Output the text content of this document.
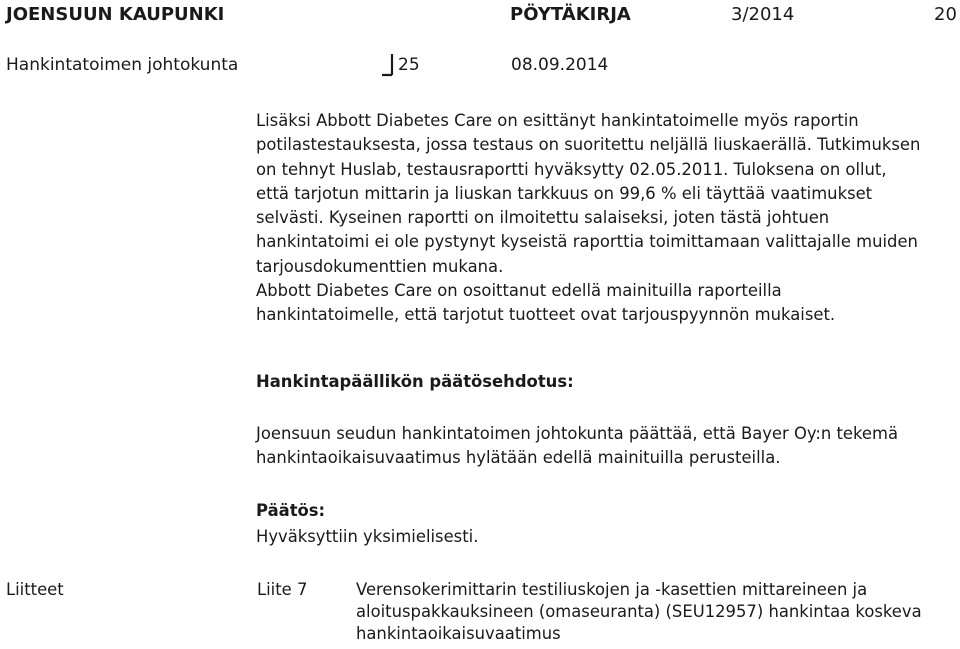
JOENSUUN KAUPUNKI	PÖYTÄKIRJA	3/2014	20
Hankintatoimen johtokunta	25	08.09.2014
Lisäksi Abbott Diabetes Care on esittänyt hankintatoimelle myös raportin
potilastestauksesta, jossa testaus on suoritettu neljällä liuskaerällä. Tutkimuksen
on tehnyt Huslab, testausraportti hyväksytty 02.05.2011. Tuloksena on ollut,
että tarjotun mittarin ja liuskan tarkkuus on 99,6 % eli täyttää vaatimukset
selvästi. Kyseinen raportti on ilmoitettu salaiseksi, joten tästä johtuen
hankintatoimi ei ole pystynyt kyseistä raporttia toimittamaan valittajalle muiden
tarjousdokumenttien mukana.
Abbott Diabetes Care on osoittanut edellä mainituilla raporteilla
hankintatoimelle, että tarjotut tuotteet ovat tarjouspyynnön mukaiset.
Hankintapäällikön päätösehdotus:
Joensuun seudun hankintatoimen johtokunta päättää, että Bayer Oy:n tekemä
hankintaoikaisuvaatimus hylätään edellä mainituilla perusteilla.
Päätös:
Hyväksyttiin yksimielisesti.
Liitteet	Liite 7	Verensokerimittarin testiliuskojen ja -kasettien mittareineen ja
aloituspakkauksineen (omaseuranta) (SEU12957) hankintaa koskeva
hankintaoikaisuvaatimus
